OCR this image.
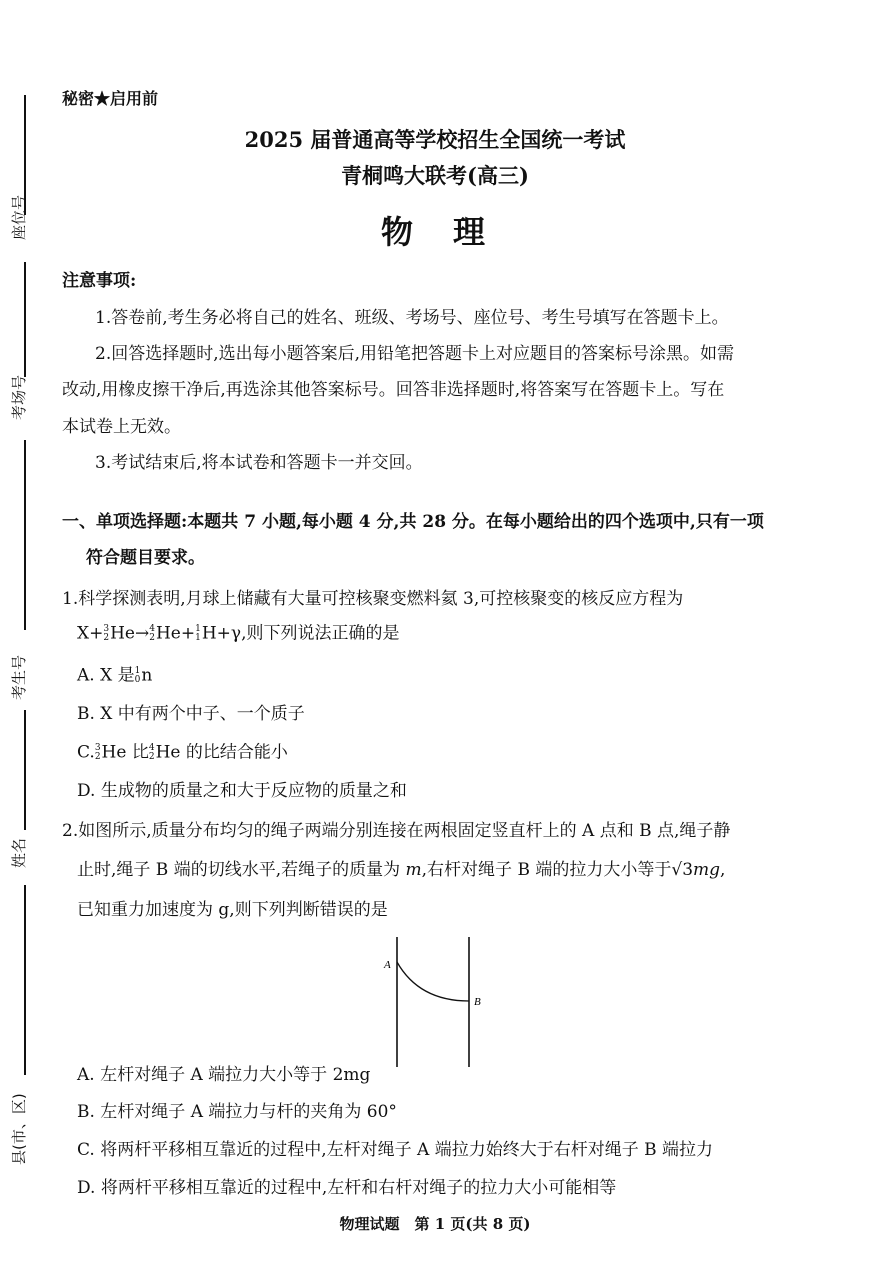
座位号
考场号
考生号
姓名
县(市、区)
秘密★启用前
2025 届普通高等学校招生全国统一考试
青桐鸣大联考(高三)
物　理
注意事项:
1.答卷前,考生务必将自己的姓名、班级、考场号、座位号、考生号填写在答题卡上。
2.回答选择题时,选出每小题答案后,用铅笔把答题卡上对应题目的答案标号涂黑。如需
改动,用橡皮擦干净后,再选涂其他答案标号。回答非选择题时,将答案写在答题卡上。写在
本试卷上无效。
3.考试结束后,将本试卷和答题卡一并交回。
一、单项选择题:本题共 7 小题,每小题 4 分,共 28 分。在每小题给出的四个选项中,只有一项
符合题目要求。
1.科学探测表明,月球上储藏有大量可控核聚变燃料氦 3,可控核聚变的核反应方程为
X+ 3
2 He→ 4
2 He+ 1
1 H+γ,则下列说法正确的是
A. X 是 1
0 n
B. X 中有两个中子、一个质子
C. 3
2 He 比 4
2 He 的比结合能小
D. 生成物的质量之和大于反应物的质量之和
2.如图所示,质量分布均匀的绳子两端分别连接在两根固定竖直杆上的 A 点和 B 点,绳子静
止时,绳子 B 端的切线水平,若绳子的质量为 m,右杆对绳子 B 端的拉力大小等于√3mg,
已知重力加速度为 g,则下列判断错误的是
A
B
A. 左杆对绳子 A 端拉力大小等于 2mg
B. 左杆对绳子 A 端拉力与杆的夹角为 60°
C. 将两杆平移相互靠近的过程中,左杆对绳子 A 端拉力始终大于右杆对绳子 B 端拉力
D. 将两杆平移相互靠近的过程中,左杆和右杆对绳子的拉力大小可能相等
物理试题　第 1 页(共 8 页)
